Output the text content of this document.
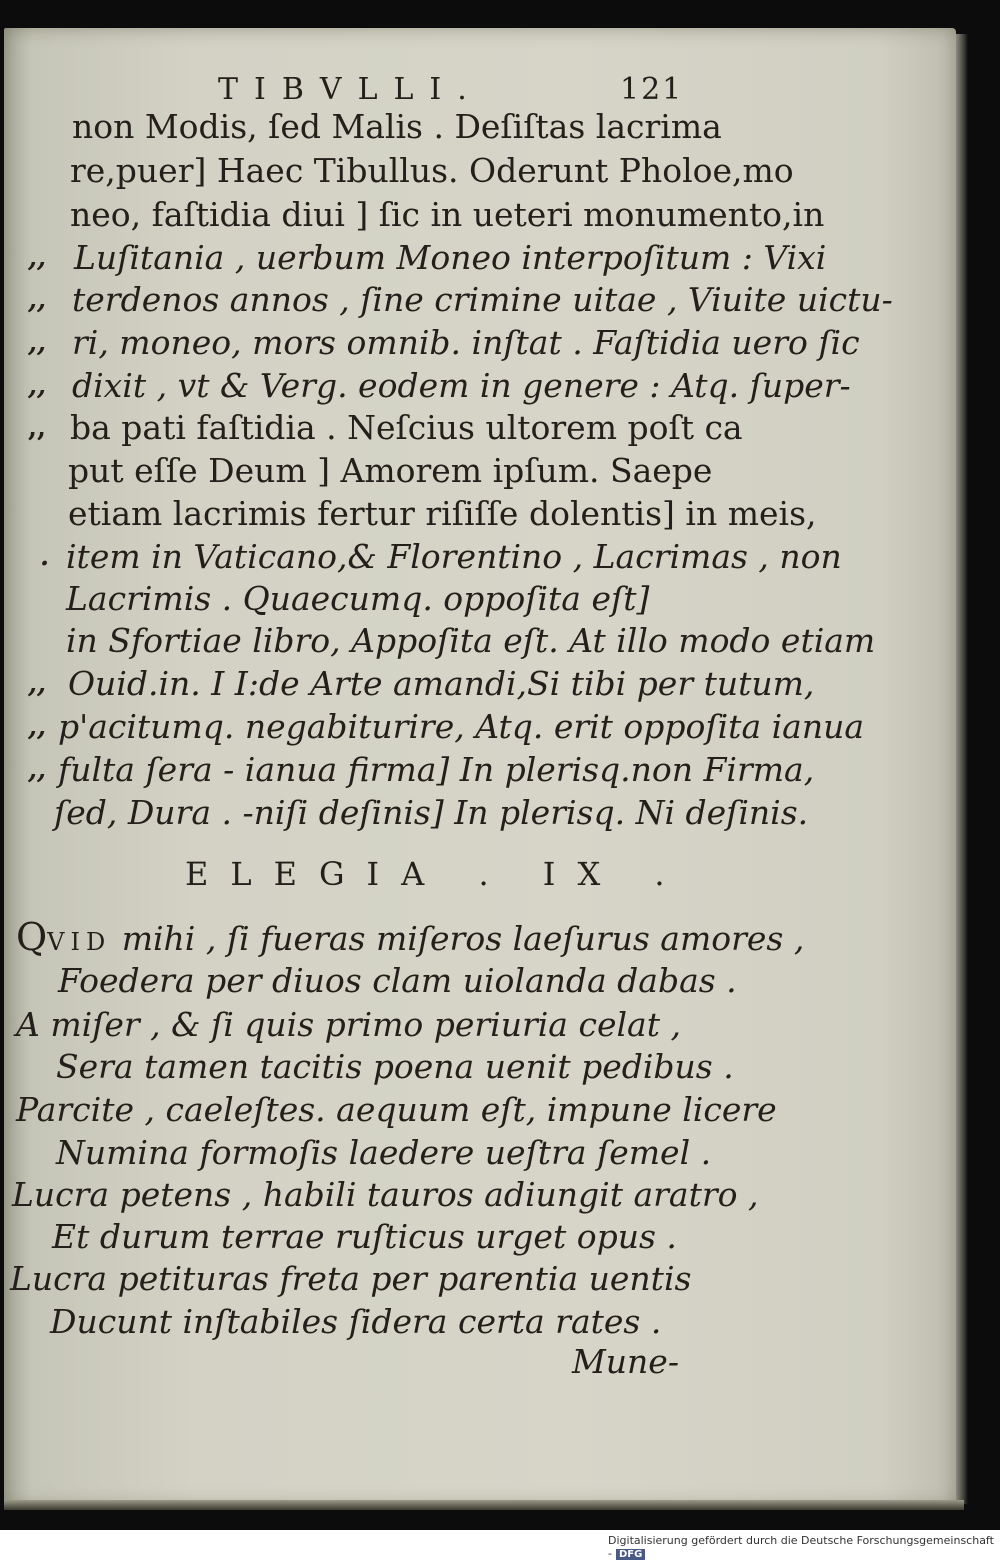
TIBVLLI.	121
non Modis, ſed Malis . Deſiſtas lacrima
re,puer] Haec Tibullus. Oderunt Pholoe,mo
neo, faſtidia diui ] ſic in ueteri monumento,in
,, Luſitania , uerbum Moneo interpoſitum : Vixi
,, terdenos annos , ſine crimine uitae , Viuite uictu-
,, ri, moneo, mors omnib. inſtat . Faſtidia uero ſic
,, dixit , vt & Verg. eodem in genere : Atq. ſuper-
,, ba pati faſtidia . Neſcius ultorem poſt ca
put eſſe Deum ] Amorem ipſum. Saepe
etiam lacrimis fertur riſiſſe dolentis] in meis,
. item in Vaticano,& Florentino , Lacrimas , non
Lacrimis . Quaecumq. oppoſita eſt]
in Sfortiae libro, Appoſita eſt. At illo modo etiam
,, Ouid.in. I I:de Arte amandi,Si tibi per tutum,
,, p'acitumq. negabiturire, Atq. erit oppoſita ianua
,, fulta ſera - ianua firma] In plerisq.non Firma,
ſed, Dura . -niſi deſinis] In plerisq. Ni deſinis.
ELEGIA . IX .
QVID mihi , ſi fueras miſeros laeſurus amores ,
Foedera per diuos clam uiolanda dabas .
A miſer , & ſi quis primo periuria celat ,
Sera tamen tacitis poena uenit pedibus .
Parcite , caeleſtes. aequum eſt, impune licere
Numina formoſis laedere ueſtra ſemel .
Lucra petens , habili tauros adiungit aratro ,
Et durum terrae ruſticus urget opus .
Lucra petituras freta per parentia uentis
Ducunt inſtabiles ſidera certa rates .
Mune-
Digitalisierung gefördert durch die Deutsche Forschungsgemeinschaft - DFG
